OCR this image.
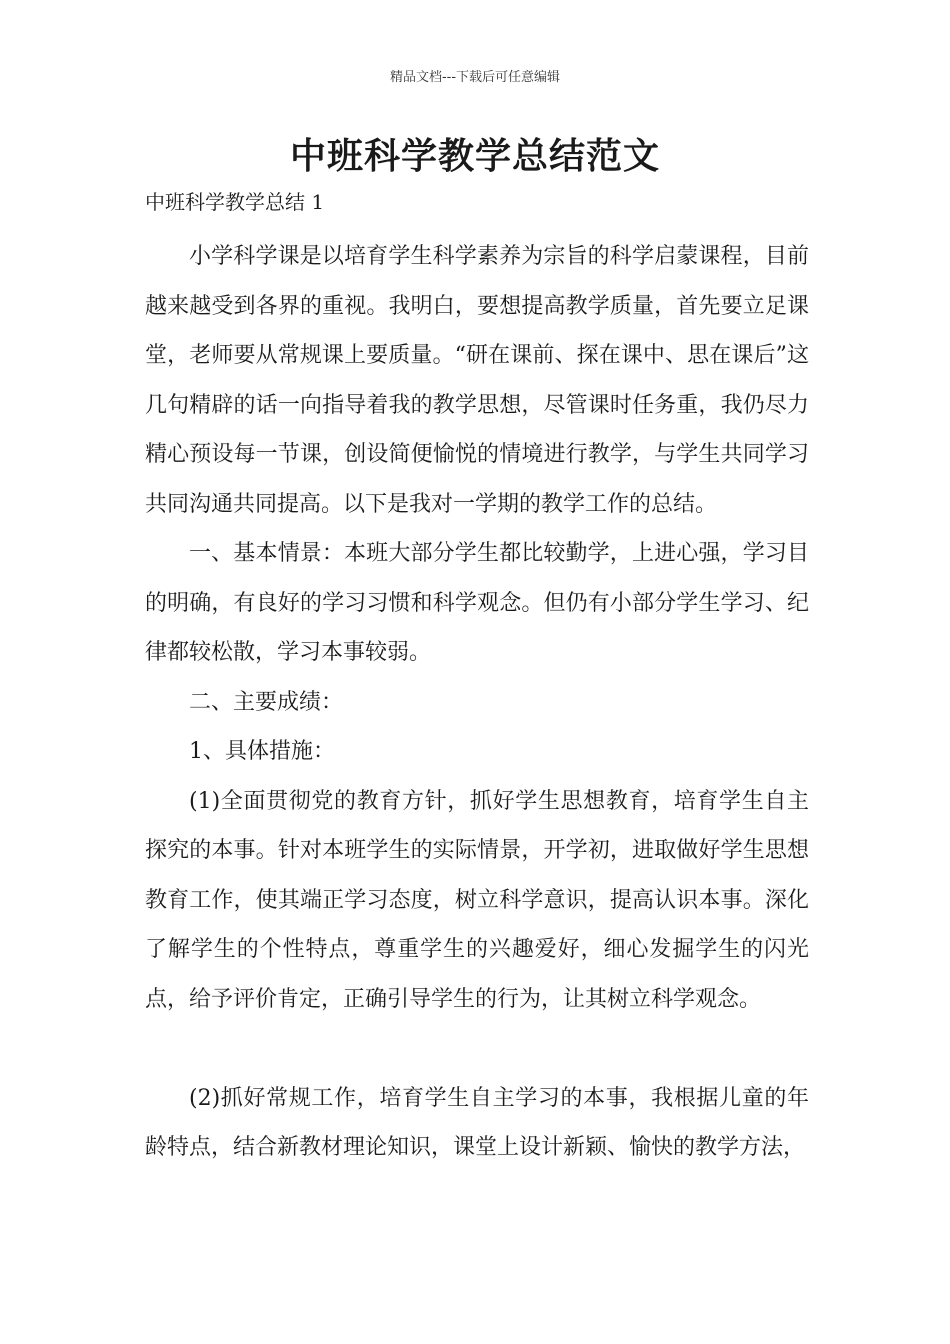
精品文档---下载后可任意编辑
中班科学教学总结范文
中班科学教学总结 1

小学科学课是以培育学生科学素养为宗旨的科学启蒙课程，目前越来越受到各界的重视。我明白，要想提高教学质量，首先要立足课堂，老师要从常规课上要质量。“研在课前、探在课中、思在课后”这几句精辟的话一向指导着我的教学思想，尽管课时任务重，我仍尽力精心预设每一节课，创设简便愉悦的情境进行教学，与学生共同学习共同沟通共同提高。以下是我对一学期的教学工作的总结。

一、基本情景：本班大部分学生都比较勤学，上进心强，学习目的明确，有良好的学习习惯和科学观念。但仍有小部分学生学习、纪律都较松散，学习本事较弱。

二、主要成绩：

1、具体措施：

(1)全面贯彻党的教育方针，抓好学生思想教育，培育学生自主探究的本事。针对本班学生的实际情景，开学初，进取做好学生思想教育工作，使其端正学习态度，树立科学意识，提高认识本事。深化了解学生的个性特点，尊重学生的兴趣爱好，细心发掘学生的闪光点，给予评价肯定，正确引导学生的行为，让其树立科学观念。

(2)抓好常规工作，培育学生自主学习的本事，我根据儿童的年龄特点，结合新教材理论知识，课堂上设计新颖、愉快的教学方法，
